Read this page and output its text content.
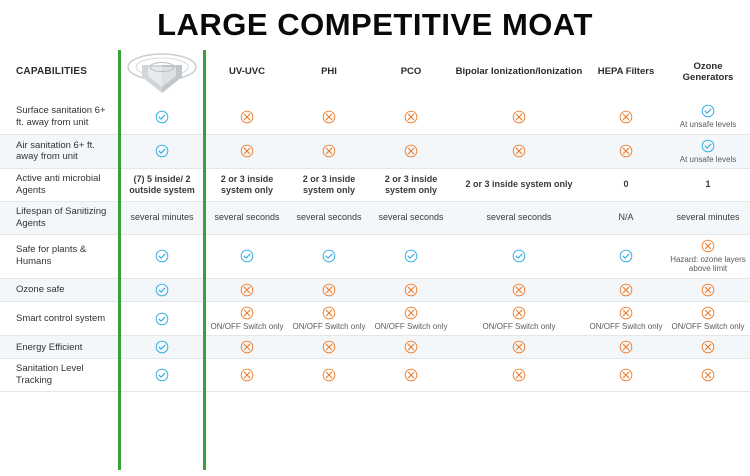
LARGE COMPETITIVE MOAT
CAPABILITIES		UV-UVC	PHI	PCO	Bipolar Ionization/Ionization	HEPA Filters	Ozone Generators
Surface sanitation 6+ ft. away from unit							At unsafe levels

Air sanitation 6+ ft. away from unit							At unsafe levels

Active anti microbial Agents	(7) 5 inside/ 2 outside system	2 or 3 inside system only	2 or 3 inside system only	2 or 3 inside system only	2 or 3 inside system only	0	1
Lifespan of Sanitizing Agents	several minutes	several seconds	several seconds	several seconds	several seconds	N/A	several minutes
Safe for plants & Humans							Hazard: ozone layers above limit

Ozone safe							
Smart control system		ON/OFF Switch only	ON/OFF Switch only	ON/OFF Switch only	ON/OFF Switch only	ON/OFF Switch only	ON/OFF Switch only

Energy Efficient							
Sanitation Level Tracking							
